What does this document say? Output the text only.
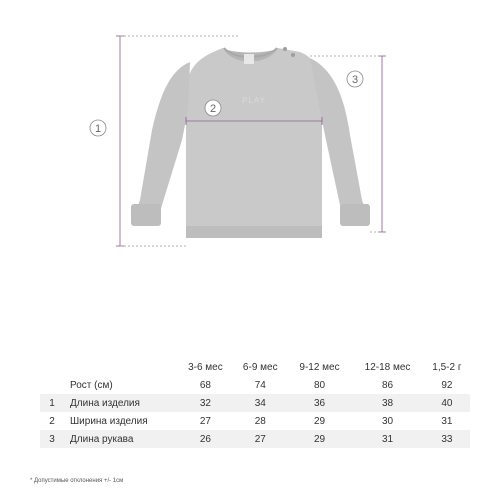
PLAY
1
2
3
		3-6 мес	6-9 мес	9-12 мес	12-18 мес	1,5-2 г
	Рост (см)	68	74	80	86	92
1	Длина изделия	32	34	36	38	40
2	Ширина изделия	27	28	29	30	31
3	Длина рукава	26	27	29	31	33
* Допустимые отклонения +/- 1см
